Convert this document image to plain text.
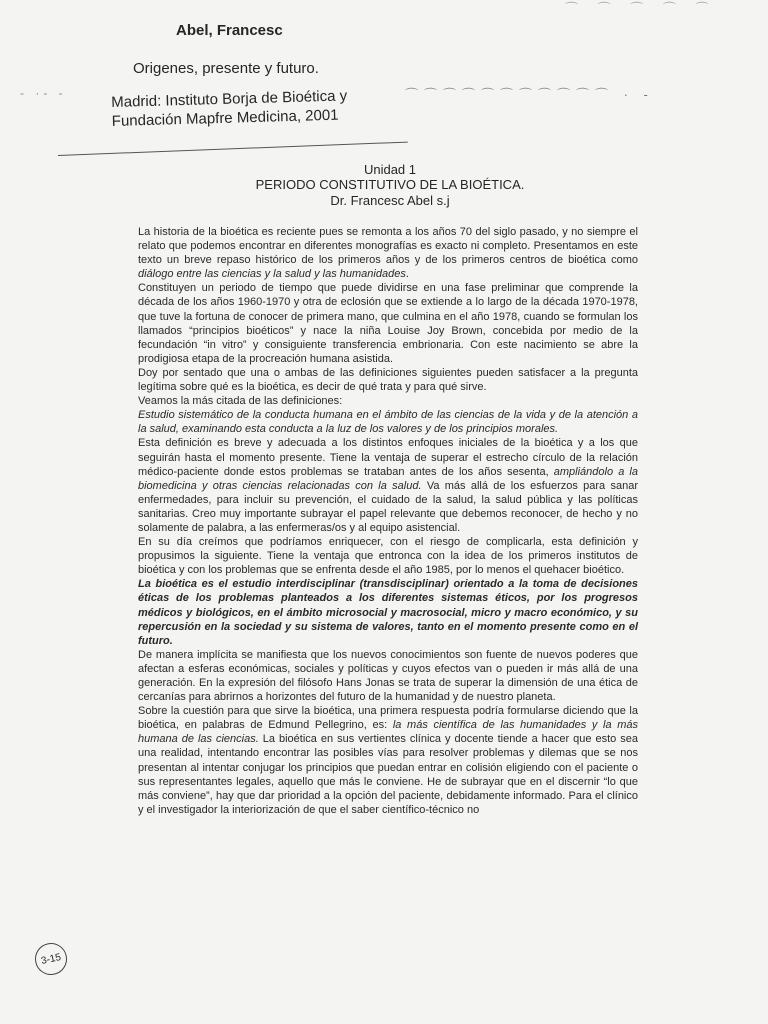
⌒ ⌒ ⌒ ⌒ ⌒
Abel, Francesc
Origenes, presente y futuro.
- ·- -	Madrid: Instituto Borja de Bioética y
Fundación Mapfre Medicina, 2001
⌒⌒⌒⌒⌒⌒⌒⌒⌒⌒⌒ · -
Unidad 1
PERIODO CONSTITUTIVO DE LA BIOÉTICA.
Dr. Francesc Abel s.j

La historia de la bioética es reciente pues se remonta a los años 70 del siglo pasado, y no siempre el relato que podemos encontrar en diferentes monografías es exacto ni completo. Presentamos en este texto un breve repaso histórico de los primeros años y de los primeros centros de bioética como diálogo entre las ciencias y la salud y las humanidades.

Constituyen un periodo de tiempo que puede dividirse en una fase preliminar que comprende la década de los años 1960-1970 y otra de eclosión que se extiende a lo largo de la década 1970-1978, que tuve la fortuna de conocer de primera mano, que culmina en el año 1978, cuando se formulan los llamados “principios bioéticos” y nace la niña Louise Joy Brown, concebida por medio de la fecundación “in vitro” y consiguiente transferencia embrionaria. Con este nacimiento se abre la prodigiosa etapa de la procreación humana asistida.

Doy por sentado que una o ambas de las definiciones siguientes pueden satisfacer a la pregunta legítima sobre qué es la bioética, es decir de qué trata y para qué sirve.

Veamos la más citada de las definiciones:

Estudio sistemático de la conducta humana en el ámbito de las ciencias de la vida y de la atención a la salud, examinando esta conducta a la luz de los valores y de los principios morales.

Esta definición es breve y adecuada a los distintos enfoques iniciales de la bioética y a los que seguirán hasta el momento presente. Tiene la ventaja de superar el estrecho círculo de la relación médico-paciente donde estos problemas se trataban antes de los años sesenta, ampliándolo a la biomedicina y otras ciencias relacionadas con la salud. Va más allá de los esfuerzos para sanar enfermedades, para incluir su prevención, el cuidado de la salud, la salud pública y las políticas sanitarias. Creo muy importante subrayar el papel relevante que debemos reconocer, de hecho y no solamente de palabra, a las enfermeras/os y al equipo asistencial.

En su día creímos que podríamos enriquecer, con el riesgo de complicarla, esta definición y propusimos la siguiente. Tiene la ventaja que entronca con la idea de los primeros institutos de bioética y con los problemas que se enfrenta desde el año 1985, por lo menos el quehacer bioético.

La bioética es el estudio interdisciplinar (transdisciplinar) orientado a la toma de decisiones éticas de los problemas planteados a los diferentes sistemas éticos, por los progresos médicos y biológicos, en el ámbito microsocial y macrosocial, micro y macro económico, y su repercusión en la sociedad y su sistema de valores, tanto en el momento presente como en el futuro.

De manera implícita se manifiesta que los nuevos conocimientos son fuente de nuevos poderes que afectan a esferas económicas, sociales y políticas y cuyos efectos van o pueden ir más allá de una generación. En la expresión del filósofo Hans Jonas se trata de superar la dimensión de una ética de cercanías para abrirnos a horizontes del futuro de la humanidad y de nuestro planeta.

Sobre la cuestión para que sirve la bioética, una primera respuesta podría formularse diciendo que la bioética, en palabras de Edmund Pellegrino, es: la más científica de las humanidades y la más humana de las ciencias. La bioética en sus vertientes clínica y docente tiende a hacer que esto sea una realidad, intentando encontrar las posibles vías para resolver problemas y dilemas que se nos presentan al intentar conjugar los principios que puedan entrar en colisión eligiendo con el paciente o sus representantes legales, aquello que más le conviene. He de subrayar que en el discernir “lo que más conviene”, hay que dar prioridad a la opción del paciente, debidamente informado. Para el clínico y el investigador la interiorización de que el saber científico-técnico no

3-15
